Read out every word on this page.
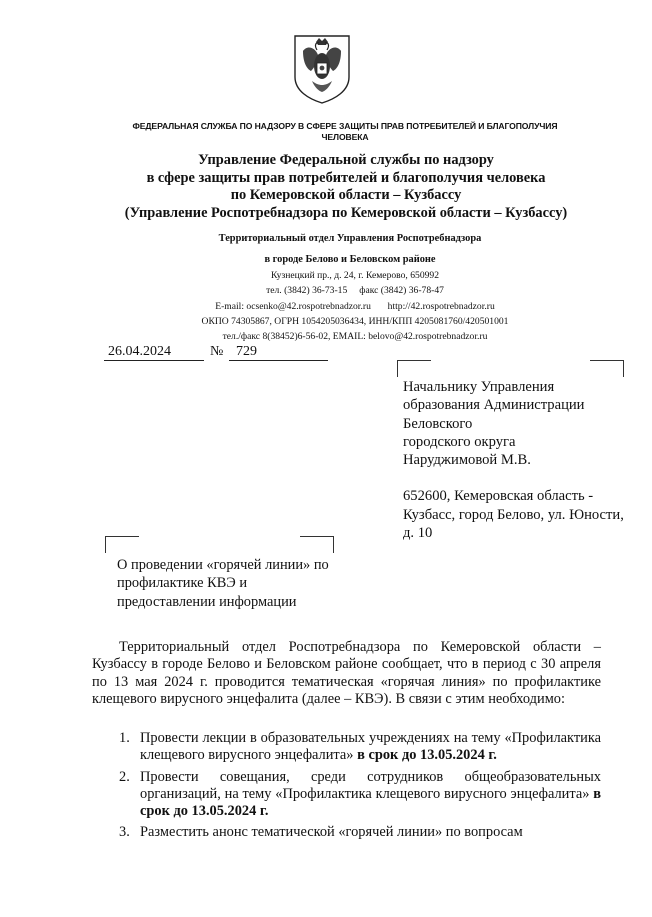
ФЕДЕРАЛЬНАЯ СЛУЖБА ПО НАДЗОРУ В СФЕРЕ ЗАЩИТЫ ПРАВ ПОТРЕБИТЕЛЕЙ И БЛАГОПОЛУЧИЯ ЧЕЛОВЕКА
Управление Федеральной службы по надзору
в сфере защиты прав потребителей и благополучия человека
по Кемеровской области – Кузбассу
(Управление Роспотребнадзора по Кемеровской области – Кузбассу)
Территориальный отдел Управления Роспотребнадзора
в городе Белово и Беловском районе
Кузнецкий пр., д. 24, г. Кемерово, 650992
тел. (3842) 36-73-15     факс (3842) 36-78-47
E-mail: ocsenko@42.rospotrebnadzor.ru       http://42.rospotrebnadzor.ru
ОКПО 74305867, ОГРН 1054205036434, ИНН/КПП 4205081760/420501001
тел./факс 8(38452)6-56-02, EMAIL: belovo@42.rospotrebnadzor.ru
26.04.2024	№ 729
Начальнику Управления
образования Администрации
Беловского
городского округа
Наруджимовой М.В.
652600, Кемеровская область - Кузбасс, город Белово, ул. Юности, д. 10
О проведении «горячей линии» по профилактике КВЭ и предоставлении информации
Территориальный отдел Роспотребнадзора по Кемеровской области – Кузбассу в городе Белово и Беловском районе сообщает, что в период с 30 апреля по 13 мая 2024 г. проводится тематическая «горячая линия» по профилактике клещевого вирусного энцефалита (далее – КВЭ). В связи с этим необходимо:
1. Провести лекции в образовательных учреждениях на тему «Профилактика клещевого вирусного энцефалита» в срок до 13.05.2024 г.
2. Провести совещания, среди сотрудников общеобразовательных организаций, на тему «Профилактика клещевого вирусного энцефалита» в срок до 13.05.2024 г.
3. Разместить анонс тематической «горячей линии» по вопросам
